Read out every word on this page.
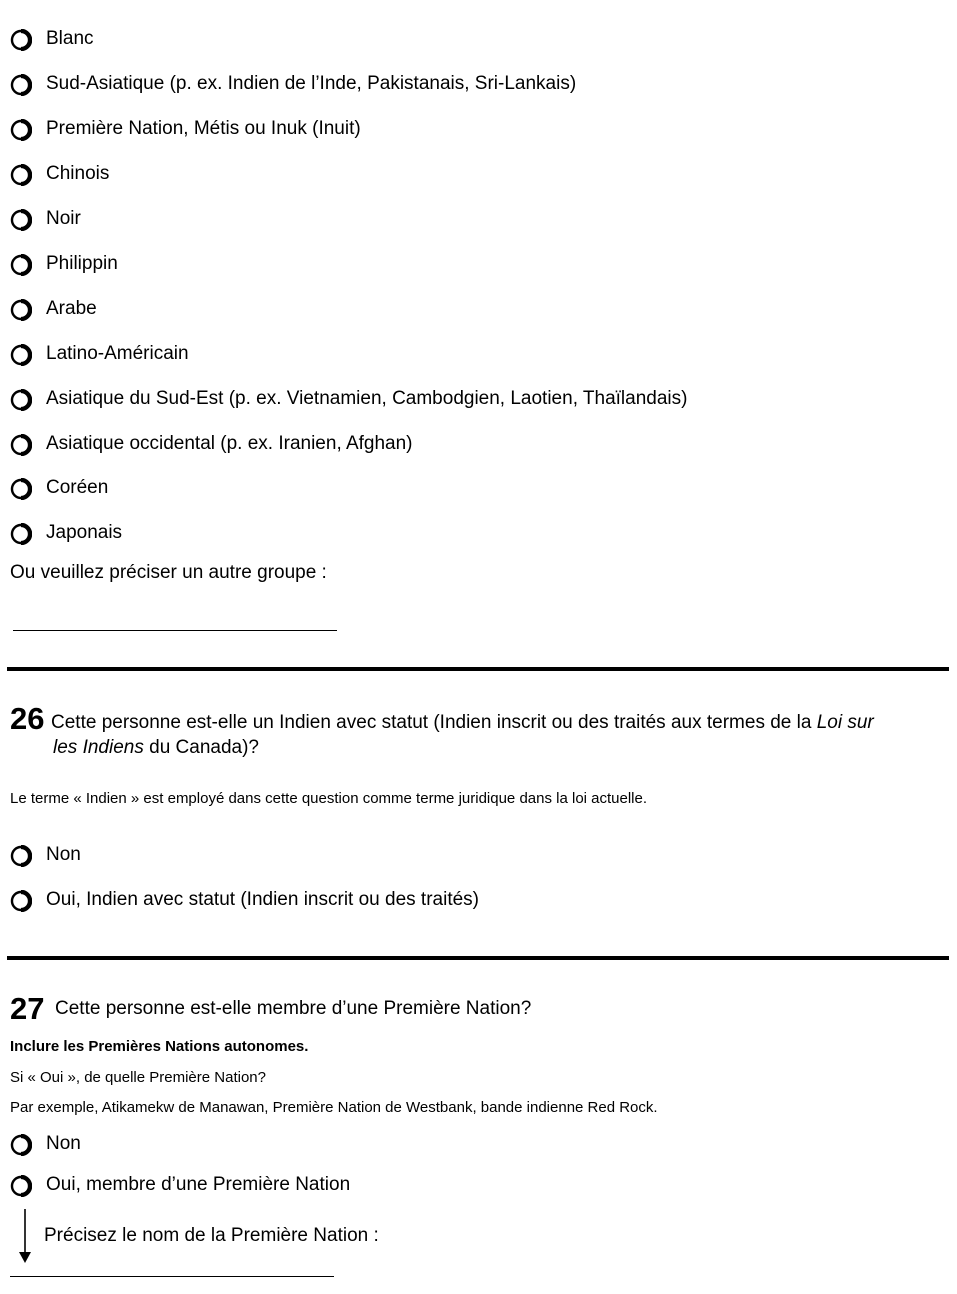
Blanc
Sud-Asiatique (p. ex. Indien de l’Inde, Pakistanais, Sri-Lankais)
Première Nation, Métis ou Inuk (Inuit)
Chinois
Noir
Philippin
Arabe
Latino-Américain
Asiatique du Sud-Est (p. ex. Vietnamien, Cambodgien, Laotien, Thaïlandais)
Asiatique occidental (p. ex. Iranien, Afghan)
Coréen
Japonais
Ou veuillez préciser un autre groupe :
26 Cette personne est-elle un Indien avec statut (Indien inscrit ou des traités aux termes de la Loi sur
les Indiens du Canada)?
Le terme « Indien » est employé dans cette question comme terme juridique dans la loi actuelle.
Non
Oui, Indien avec statut (Indien inscrit ou des traités)
27 Cette personne est-elle membre d’une Première Nation?
Inclure les Premières Nations autonomes.
Si « Oui », de quelle Première Nation?
Par exemple, Atikamekw de Manawan, Première Nation de Westbank, bande indienne Red Rock.
Non
Oui, membre d’une Première Nation
Précisez le nom de la Première Nation :
